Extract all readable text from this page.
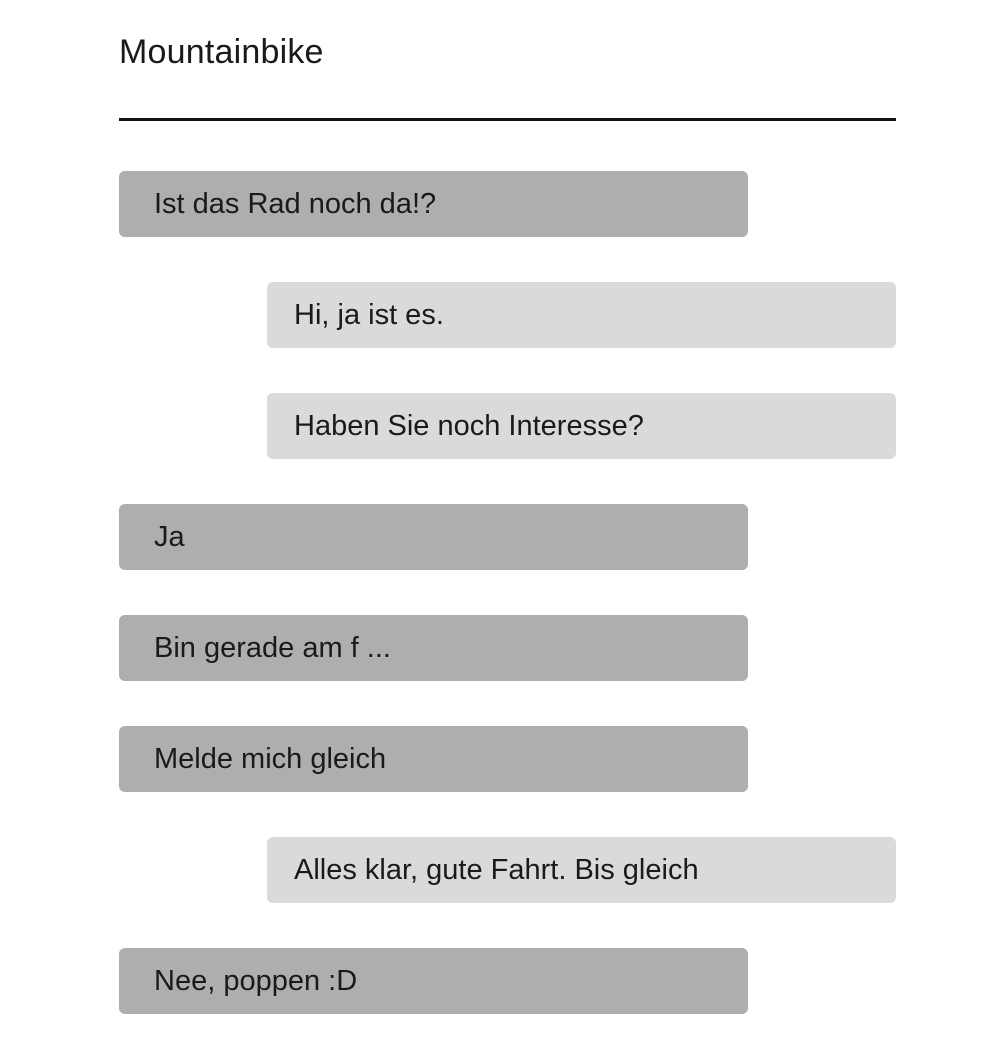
Mountainbike
Ist das Rad noch da!?
Hi, ja ist es.
Haben Sie noch Interesse?
Ja
Bin gerade am f ...
Melde mich gleich
Alles klar, gute Fahrt. Bis gleich
Nee, poppen :D
